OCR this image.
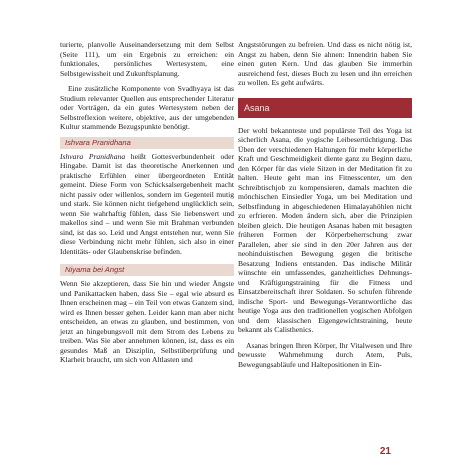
turierte, planvolle Auseinandersetzung mit dem Selbst (Seite 111), um ein Ergebnis zu erreichen: ein funktionales, persönliches Wertesystem, eine Selbstgewissheit und Zukunftsplanung.

Eine zusätzliche Komponente von Svadhyaya ist das Studium relevanter Quellen aus entsprechender Literatur oder Vorträgen, da ein gutes Wertesystem neben der Selbstreflexion weitere, objektive, aus der umgebenden Kultur stammende Bezugspunkte benötigt.

Ishvara Pranidhana

Ishvara Pranidhana heißt Gottesverbundenheit oder Hingabe. Damit ist das theoretische Anerkennen und praktische Erfühlen einer übergeordneten Entität gemeint. Diese Form von Schicksalsergebenheit macht nicht passiv oder willenlos, sondern im Gegenteil mutig und stark. Sie können nicht tiefgehend unglücklich sein, wenn Sie wahrhaftig fühlen, dass Sie liebenswert und makellos sind – und wenn Sie mit Brahman verbunden sind, ist das so. Leid und Angst entstehen nur, wenn Sie diese Verbindung nicht mehr fühlen, sich also in einer Identitäts- oder Glaubenskrise befinden.

Niyama bei Angst

Wenn Sie akzeptieren, dass Sie hin und wieder Ängste und Panikattacken haben, dass Sie – egal wie absurd es Ihnen erscheinen mag – ein Teil von etwas Ganzem sind, wird es Ihnen besser gehen. Leider kann man aber nicht entscheiden, an etwas zu glauben, und bestimmen, von jetzt an hingebungsvoll mit dem Strom des Lebens zu treiben. Was Sie aber annehmen können, ist, dass es ein gesundes Maß an Disziplin, Selbstüberprüfung und Klarheit braucht, um sich von Altlasten und

Angststörungen zu befreien. Und dass es nicht nötig ist, Angst zu haben, denn Sie ahnen: Innendrin haben Sie einen guten Kern. Und das glauben Sie immerhin ausreichend fest, dieses Buch zu lesen und ihn erreichen zu wollen. Es geht aufwärts.

Asana

Der wohl bekannteste und populärste Teil des Yoga ist sicherlich Asana, die yogische Leibesertüchtigung. Das Üben der verschiedenen Haltungen für mehr körperliche Kraft und Geschmeidigkeit diente ganz zu Beginn dazu, den Körper für das viele Sitzen in der Meditation fit zu halten. Heute geht man ins Fitnesscenter, um den Schreibtischjob zu kompensieren, damals machten die mönchischen Einsiedler Yoga, um bei Meditation und Selbstfindung in abgeschiedenen Himalayahöhlen nicht zu erfrieren. Moden ändern sich, aber die Prinzipien bleiben gleich. Die heutigen Asanas haben mit besagten früheren Formen der Körperbeherrschung zwar Parallelen, aber sie sind in den 20er Jahren aus der neohinduistischen Bewegung gegen die britische Besatzung Indiens entstanden. Das indische Militär wünschte ein umfassendes, ganzheitliches Dehnungs- und Kräftigungstraining für die Fitness und Einsatzbereitschaft ihrer Soldaten. So schufen führende indische Sport- und Bewegungs-Verantwortliche das heutige Yoga aus den traditionellen yogischen Abfolgen und dem klassischen Eigengewichtstraining, heute bekannt als Calisthenics.

Asanas bringen Ihren Körper, Ihr Vitalwesen und Ihre bewusste Wahrnehmung durch Atem, Puls, Bewegungsabläufe und Haltepositionen in Ein-

21
